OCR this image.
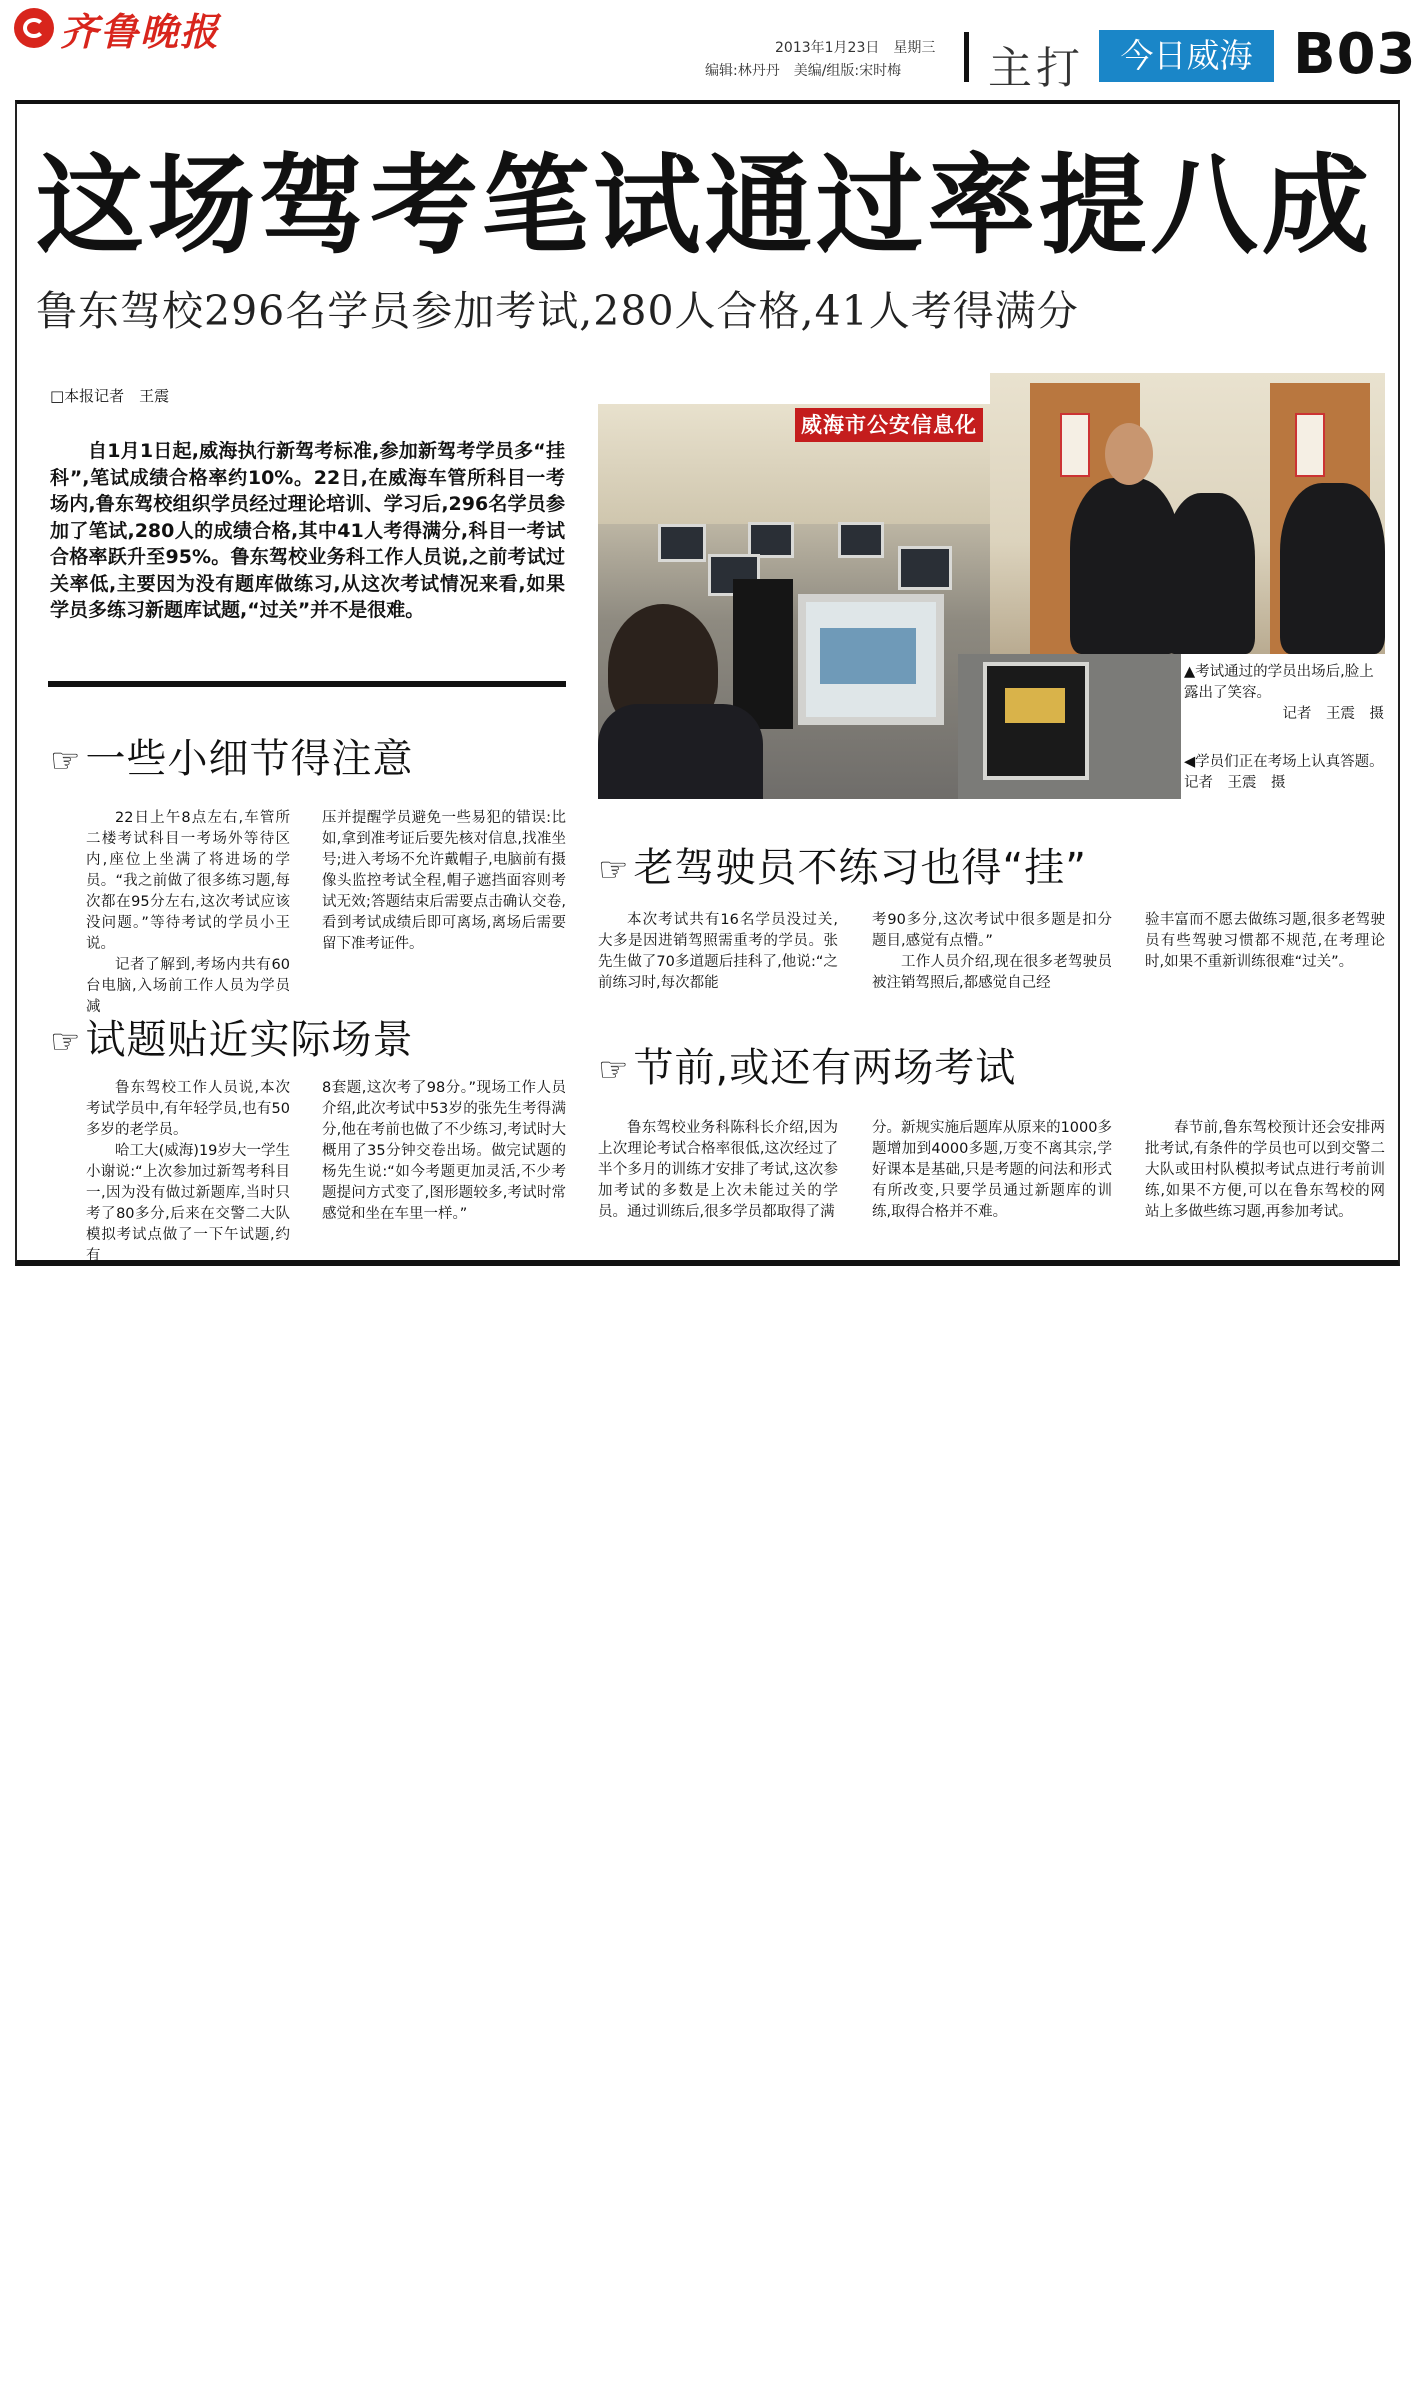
齐鲁晚报	2013年1月23日　星期三
编辑:林丹丹　美编/组版:宋时梅 主打	今日威海 B03
这场驾考笔试通过率提八成
鲁东驾校296名学员参加考试,280人合格,41人考得满分
□本报记者　王震
自1月1日起,威海执行新驾考标准,参加新驾考学员多“挂科”,笔试成绩合格率约10%。22日,在威海车管所科目一考场内,鲁东驾校组织学员经过理论培训、学习后,296名学员参加了笔试,280人的成绩合格,其中41人考得满分,科目一考试合格率跃升至95%。鲁东驾校业务科工作人员说,之前考试过关率低,主要因为没有题库做练习,从这次考试情况来看,如果学员多练习新题库试题,“过关”并不是很难。
☞ 一些小细节得注意

22日上午8点左右,车管所二楼考试科目一考场外等待区内,座位上坐满了将进场的学员。“我之前做了很多练习题,每次都在95分左右,这次考试应该没问题。”等待考试的学员小王说。

记者了解到,考场内共有60台电脑,入场前工作人员为学员减

压并提醒学员避免一些易犯的错误:比如,拿到准考证后要先核对信息,找准坐号;进入考场不允许戴帽子,电脑前有摄像头监控考试全程,帽子遮挡面容则考试无效;答题结束后需要点击确认交卷,看到考试成绩后即可离场,离场后需要留下准考证件。

☞ 试题贴近实际场景

鲁东驾校工作人员说,本次考试学员中,有年轻学员,也有50多岁的老学员。

哈工大(威海)19岁大一学生小谢说:“上次参加过新驾考科目一,因为没有做过新题库,当时只考了80多分,后来在交警二大队模拟考试点做了一下午试题,约有

8套题,这次考了98分。”现场工作人员介绍,此次考试中53岁的张先生考得满分,他在考前也做了不少练习,考试时大概用了35分钟交卷出场。做完试题的杨先生说:“如今考题更加灵活,不少考题提问方式变了,图形题较多,考试时常感觉和坐在车里一样。”

威海市公安信息化
▲考试通过的学员出场后,脸上露出了笑容。
记者　王震　摄
◀学员们正在考场上认真答题。　记者　王震　摄
☞ 老驾驶员不练习也得“挂”

本次考试共有16名学员没过关,大多是因进销驾照需重考的学员。张先生做了70多道题后挂科了,他说:“之前练习时,每次都能

考90多分,这次考试中很多题是扣分题目,感觉有点懵。”

工作人员介绍,现在很多老驾驶员被注销驾照后,都感觉自己经

验丰富而不愿去做练习题,很多老驾驶员有些驾驶习惯都不规范,在考理论时,如果不重新训练很难“过关”。

☞ 节前,或还有两场考试

鲁东驾校业务科陈科长介绍,因为上次理论考试合格率很低,这次经过了半个多月的训练才安排了考试,这次参加考试的多数是上次未能过关的学员。通过训练后,很多学员都取得了满

分。新规实施后题库从原来的1000多题增加到4000多题,万变不离其宗,学好课本是基础,只是考题的问法和形式有所改变,只要学员通过新题库的训练,取得合格并不难。

春节前,鲁东驾校预计还会安排两批考试,有条件的学员也可以到交警二大队或田村队模拟考试点进行考前训练,如果不方便,可以在鲁东驾校的网站上多做些练习题,再参加考试。
